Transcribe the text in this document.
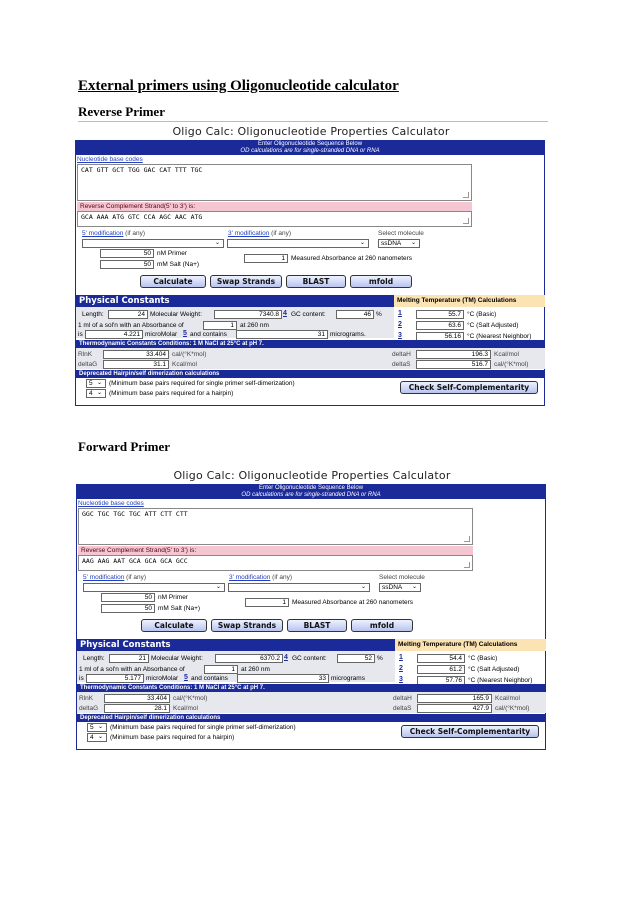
External primers using Oligonucleotide calculator
Reverse Primer
Oligo Calc: Oligonucleotide Properties Calculator
Enter Oligonucleotide Sequence Below
OD calculations are for single-stranded DNA or RNA
Nucleotide base codes
CAT GTT GCT TGG GAC CAT TTT TGC
Reverse Complement Strand(5' to 3') is:
GCA AAA ATG GTC CCA AGC AAC ATG
5' modification (if any)	3' modification (if any)	Select molecule
⌄	⌄	ssDNA ⌄
50 nM Primer
50 mM Salt (Na+)
1 Measured Absorbance at 260 nanometers
Calculate	Swap Strands	BLAST	mfold
Physical Constants	Melting Temperature (TM) Calculations
Length:	24 Molecular Weight:	7340.8 4 GC content:	46 %
1 ml of a sol'n with an Absorbance of	1 at 260 nm
is	4.221 microMolar 5 and contains	31 micrograms.
1	55.7 °C (Basic)
2	63.6 °C (Salt Adjusted)
3	56.16 °C (Nearest Neighbor)
Thermodynamic Constants Conditions: 1 M NaCl at 25°C at pH 7.
RlnK	33.404 cal/(°K*mol)
deltaG	31.1 Kcal/mol
deltaH	196.3 Kcal/mol
deltaS	516.7 cal/(°K*mol)
Deprecated Hairpin/self dimerization calculations
5 ⌄ (Minimum base pairs required for single primer self-dimerization)
4 ⌄ (Minimum base pairs required for a hairpin)
Check Self-Complementarity
Forward Primer
Oligo Calc: Oligonucleotide Properties Calculator
Enter Oligonucleotide Sequence Below
OD calculations are for single-stranded DNA or RNA
Nucleotide base codes
GGC TGC TGC TGC ATT CTT CTT
Reverse Complement Strand(5' to 3') is:
AAG AAG AAT GCA GCA GCA GCC
5' modification (if any)	3' modification (if any)	Select molecule
⌄	⌄	ssDNA ⌄
50 nM Primer
50 mM Salt (Na+)
1 Measured Absorbance at 260 nanometers
Calculate	Swap Strands	BLAST	mfold
Physical Constants	Melting Temperature (TM) Calculations
Length:	21 Molecular Weight:	6370.2 4 GC content:	52 %
1 ml of a sol'n with an Absorbance of	1 at 260 nm
is	5.177 microMolar 5 and contains	33 micrograms
1	54.4 °C (Basic)
2	61.2 °C (Salt Adjusted)
3	57.76 °C (Nearest Neighbor)
Thermodynamic Constants Conditions: 1 M NaCl at 25°C at pH 7.
RlnK	33.404 cal/(°K*mol)
deltaG	28.1 Kcal/mol
deltaH	165.9 Kcal/mol
deltaS	427.9 cal/(°K*mol)
Deprecated Hairpin/self dimerization calculations
5 ⌄ (Minimum base pairs required for single primer self-dimerization)
4 ⌄ (Minimum base pairs required for a hairpin)
Check Self-Complementarity
